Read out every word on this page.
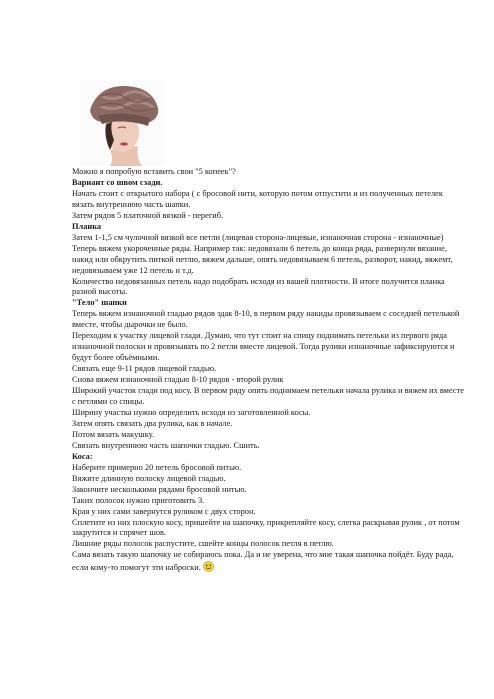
Можно я попробую вставить свои "5 копеек"?

Вариант со швом сзади.

Начать стоит с открытого набора ( с бросовой нити, которую потом отпустити и из полученных петелек вязать внутреннюю часть шапки.

Затем рядов 5 платочной вязкой - перегиб.

Планка

Затем 1-1,5 см чулочной вязкой все петли (лицевая сторона-лицевые, изнаночная сторона - изнаночные)

Теперь вяжем укороченные ряды. Например так: недовязали 6 петель до конца ряда, развернули вязание, накид или обкрутить питкой петлю, вяжем дальше, опять недовязываем 6 петель, разворот, накид, вяжемт, недовязываем уже 12 петель и т.д.

Количество недовязанных петель надо подобрать исходя из вашей плотности. В итоге получится планка разной высоты.

"Тело" шапки

Теперь вяжем изнаночной гладью рядов эдак 8-10, в первом ряду накиды провязываем с соседней петелькой вместе, чтобы дырочки не было.

Переходим к участку лицевой глади. Думаю, что тут стоит на спицу поднимать петельки из первого ряда изнаночной полоски и провязывать по 2 петли вместе лицевой. Тогда рулики изнаночные зафиксируются и будут более объёмными.

Связать еще 9-11 рядов лицевой гладью.

Снова вяжем изнаночной гладью 8-10 рядов - второй рулик

Широкий участок глади под косу. В первом ряду опять поднимаем петельки начала рулика и вяжем их вместе с петлями со спицы.

Ширину участка нужно определить исходя из заготовленной косы.

Затем опять связать два рулика, как в начале.

Потом вязать макушку.

Связать внутреннюю часть шапочки гладью. Сшить.

Коса:

Наберите примерно 20 петель бросовой питью.

Вяжите длинную полоску лицевой гладью.

Закончите несколькими рядами бросовой нитью.

Таких полосок нужно приготовить 3.

Края у них сами завернутся руликом с двух сторон.

Сплетите из них плоскую косу, пришейте на шапочку, прикрепляйте косу, слегка раскрывая рулик , от потом закрутится и спрячет шов.

Лишние ряды полосок распустите, сшейте концы полосок петля в петлю.

Сама вязать такую шапочку не собираюсь пока. Да и не уверена, что мне такая шапочка пойдёт. Буду рада, если кому-то помогут эти наброски.
